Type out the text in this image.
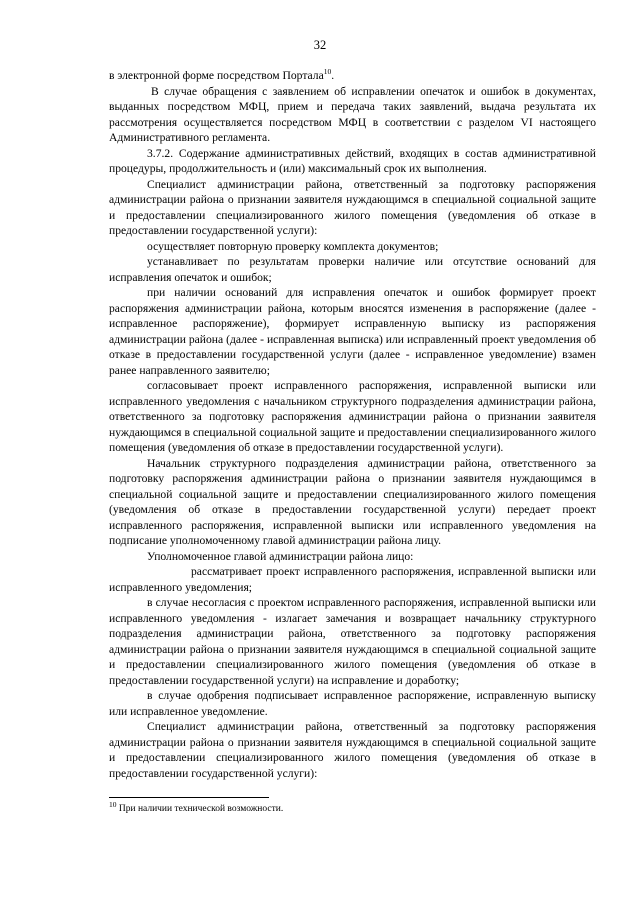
32

в электронной форме посредством Портала$^{10}$.

В случае обращения с заявлением об исправлении опечаток и ошибок в документах, выданных посредством МФЦ, прием и передача таких заявлений, выдача результата их рассмотрения осуществляется посредством МФЦ в соответствии с разделом VI настоящего Административного регламента.

3.7.2. Содержание административных действий, входящих в состав административной процедуры, продолжительность и (или) максимальный срок их выполнения.

Специалист администрации района, ответственный за подготовку распоряжения администрации района о признании заявителя нуждающимся в специальной социальной защите и предоставлении специализированного жилого помещения (уведомления об отказе в предоставлении государственной услуги):

осуществляет повторную проверку комплекта документов;

устанавливает по результатам проверки наличие или отсутствие оснований для исправления опечаток и ошибок;

при наличии оснований для исправления опечаток и ошибок формирует проект распоряжения администрации района, которым вносятся изменения в распоряжение (далее - исправленное распоряжение), формирует исправленную выписку из распоряжения администрации района (далее - исправленная выписка) или исправленный проект уведомления об отказе в предоставлении государственной услуги (далее - исправленное уведомление) взамен ранее направленного заявителю;

согласовывает проект исправленного распоряжения, исправленной выписки или исправленного уведомления с начальником структурного подразделения администрации района, ответственного за подготовку распоряжения администрации района о признании заявителя нуждающимся в специальной социальной защите и предоставлении специализированного жилого помещения (уведомления об отказе в предоставлении государственной услуги).

Начальник структурного подразделения администрации района, ответственного за подготовку распоряжения администрации района о признании заявителя нуждающимся в специальной социальной защите и предоставлении специализированного жилого помещения (уведомления об отказе в предоставлении государственной услуги) передает проект исправленного распоряжения, исправленной выписки или исправленного уведомления на подписание уполномоченному главой администрации района лицу.

Уполномоченное главой администрации района лицо:

рассматривает проект исправленного распоряжения, исправленной выписки или исправленного уведомления;

в случае несогласия с проектом исправленного распоряжения, исправленной выписки или исправленного уведомления - излагает замечания и возвращает начальнику структурного подразделения администрации района, ответственного за подготовку распоряжения администрации района о признании заявителя нуждающимся в специальной социальной защите и предоставлении специализированного жилого помещения (уведомления об отказе в предоставлении государственной услуги) на исправление и доработку;

в случае одобрения подписывает исправленное распоряжение, исправленную выписку или исправленное уведомление.

Специалист администрации района, ответственный за подготовку распоряжения администрации района о признании заявителя нуждающимся в специальной социальной защите и предоставлении специализированного жилого помещения (уведомления об отказе в предоставлении государственной услуги):

$^{10}$ При наличии технической возможности.
